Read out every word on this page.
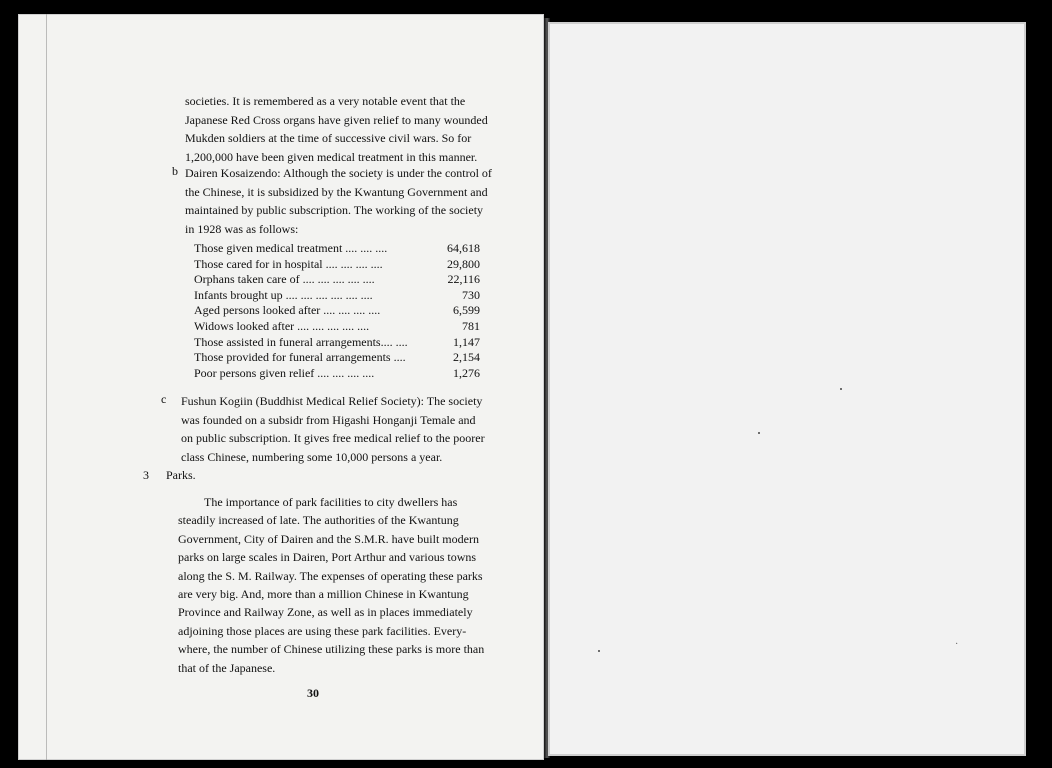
societies. It is remembered as a very notable event that the
Japanese Red Cross organs have given relief to many wounded
Mukden soldiers at the time of successive civil wars. So for
1,200,000 have been given medical treatment in this manner.
b Dairen Kosaizendo: Although the society is under the control of
the Chinese, it is subsidized by the Kwantung Government and
maintained by public subscription. The working of the society
in 1928 was as follows:
Those given medical treatment .... .... ....	64,618
Those cared for in hospital .... .... .... ....	29,800
Orphans taken care of .... .... .... .... ....	22,116
Infants brought up .... .... .... .... .... ....	730
Aged persons looked after .... .... .... ....	6,599
Widows looked after .... .... .... .... ....	781
Those assisted in funeral arrangements.... ....	1,147
Those provided for funeral arrangements ....	2,154
Poor persons given relief .... .... .... ....	1,276
c Fushun Kogiin (Buddhist Medical Relief Society): The society
was founded on a subsidr from Higashi Honganji Temale and
on public subscription. It gives free medical relief to the poorer
class Chinese, numbering some 10,000 persons a year.
3 Parks.
The importance of park facilities to city dwellers has
steadily increased of late. The authorities of the Kwantung
Government, City of Dairen and the S.M.R. have built modern
parks on large scales in Dairen, Port Arthur and various towns
along the S. M. Railway. The expenses of operating these parks
are very big. And, more than a million Chinese in Kwantung
Province and Railway Zone, as well as in places immediately
adjoining those places are using these park facilities. Every-
where, the number of Chinese utilizing these parks is more than
that of the Japanese.
30
·
